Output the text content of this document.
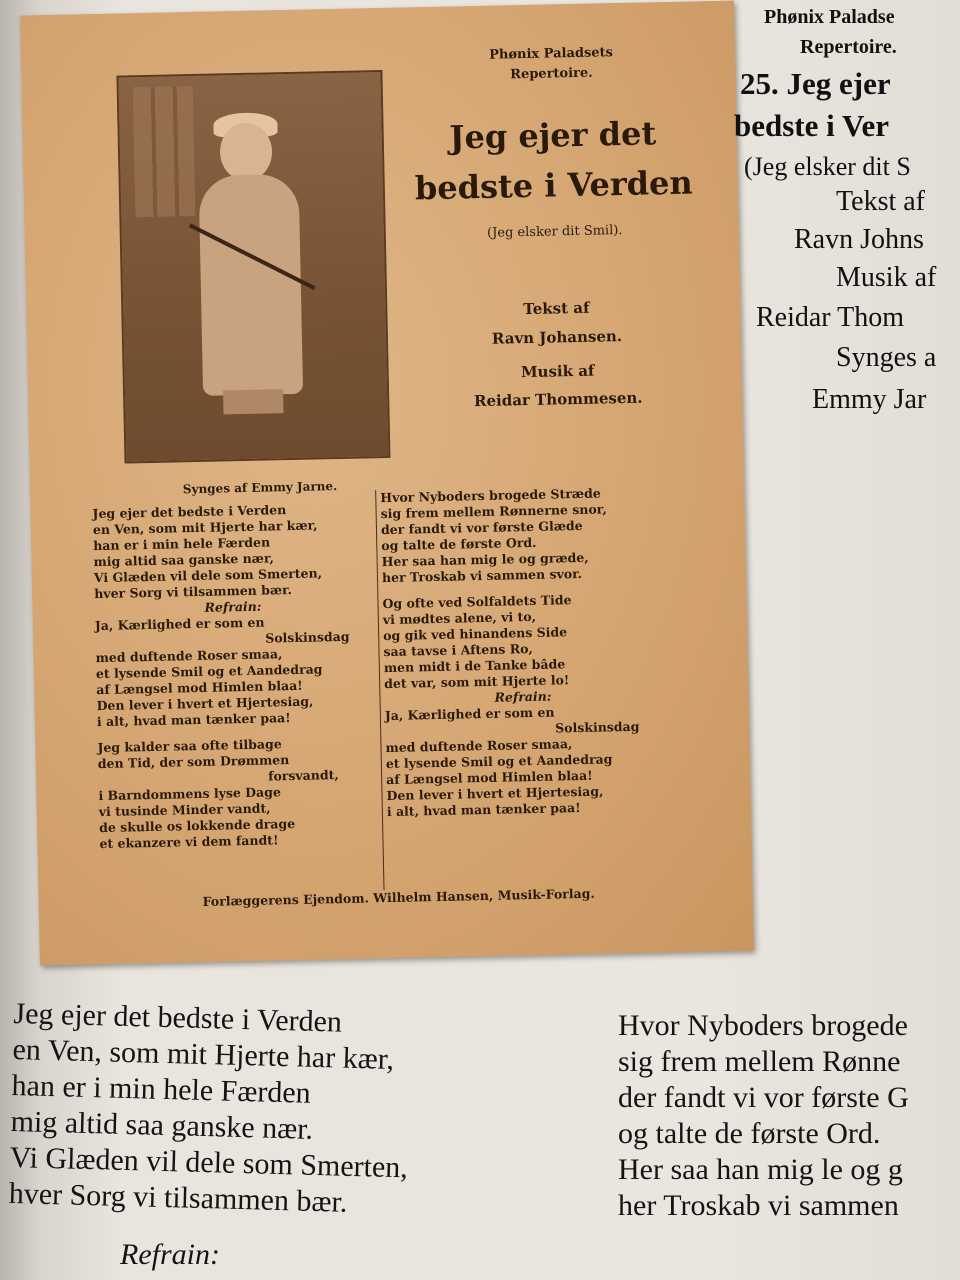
Phønix Paladsets
Repertoire.
Jeg ejer det
bedste i Verden
(Jeg elsker dit Smil).
Tekst af
Ravn Johansen.
Musik af
Reidar Thommesen.
Synges af Emmy Jarne.
Jeg ejer det bedste i Verden
en Ven, som mit Hjerte har kær,
han er i min hele Færden
mig altid saa ganske nær,
Vi Glæden vil dele som Smerten,
hver Sorg vi tilsammen bær.
Refrain:
Ja, Kærlighed er som en
Solskinsdag
med duftende Roser smaa,
et lysende Smil og et Aandedrag
af Længsel mod Himlen blaa!
Den lever i hvert et Hjertesiag,
i alt, hvad man tænker paa!
Jeg kalder saa ofte tilbage
den Tid, der som Drømmen
forsvandt,
i Barndommens lyse Dage
vi tusinde Minder vandt,
de skulle os lokkende drage
et ekanzere vi dem fandt!
Hvor Nyboders brogede Stræde
sig frem mellem Rønnerne snor,
der fandt vi vor første Glæde
og talte de første Ord.
Her saa han mig le og græde,
her Troskab vi sammen svor.
Og ofte ved Solfaldets Tide
vi mødtes alene, vi to,
og gik ved hinandens Side
saa tavse i Aftens Ro,
men midt i de Tanke bâde
det var, som mit Hjerte lo!
Refrain:
Ja, Kærlighed er som en
Solskinsdag
med duftende Roser smaa,
et lysende Smil og et Aandedrag
af Længsel mod Himlen blaa!
Den lever i hvert et Hjertesiag,
i alt, hvad man tænker paa!
Forlæggerens Ejendom. Wilhelm Hansen, Musik-Forlag.
Phønix Paladse
Repertoire.
25. Jeg ejer
bedste i Ver
(Jeg elsker dit S
Tekst af
Ravn Johns
Musik af
Reidar Thom
Synges a
Emmy Jar
Jeg ejer det bedste i Verden
en Ven, som mit Hjerte har kær,
han er i min hele Færden
mig altid saa ganske nær.
Vi Glæden vil dele som Smerten,
hver Sorg vi tilsammen bær.
Hvor Nyboders brogede
sig frem mellem Rønne
der fandt vi vor første G
og talte de første Ord.
Her saa han mig le og g
her Troskab vi sammen
Refrain:
